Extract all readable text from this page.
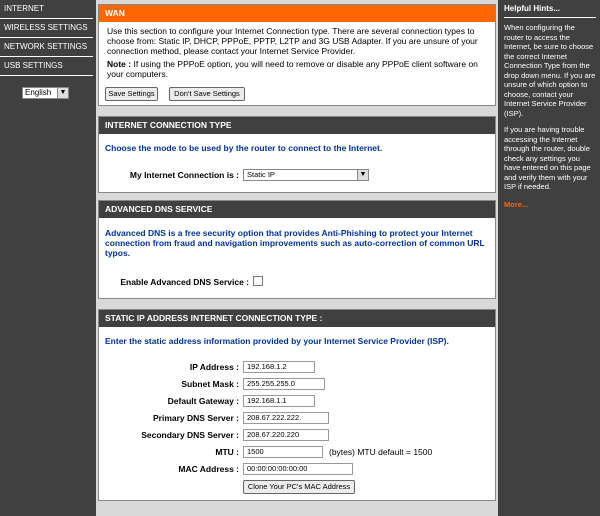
INTERNET
WIRELESS SETTINGS
NETWORK SETTINGS
USB SETTINGS
English	▼
WAN

Use this section to configure your Internet Connection type. There are several connection types to choose from: Static IP, DHCP, PPPoE, PPTP, L2TP and 3G USB Adapter. If you are unsure of your connection method, please contact your Internet Service Provider.

Note : If using the PPPoE option, you will need to remove or disable any PPPoE client software on your computers.

Save Settings	Don't Save Settings
INTERNET CONNECTION TYPE

Choose the mode to be used by the router to connect to the Internet.

My Internet Connection is :	Static IP	▼
ADVANCED DNS SERVICE

Advanced DNS is a free security option that provides Anti-Phishing to protect your Internet connection from fraud and navigation improvements such as auto-correction of common URL typos.

Enable Advanced DNS Service :
STATIC IP ADDRESS INTERNET CONNECTION TYPE :

Enter the static address information provided by your Internet Service Provider (ISP).

IP Address :	192.168.1.2
Subnet Mask :	255.255.255.0
Default Gateway :	192.168.1.1
Primary DNS Server :	208.67.222.222.
Secondary DNS Server :	208.67.220.220
MTU :	1500	(bytes) MTU default = 1500
MAC Address :	00:00:00:00:00:00
Clone Your PC's MAC Address
Helpful Hints...

When configuring the router to access the Internet, be sure to choose the correct Internet Connection Type from the drop down menu. If you are unsure of which option to choose, contact your Internet Service Provider (ISP).

If you are having trouble accessing the Internet through the router, double check any settings you have entered on this page and verify them with your ISP if needed.

More...
